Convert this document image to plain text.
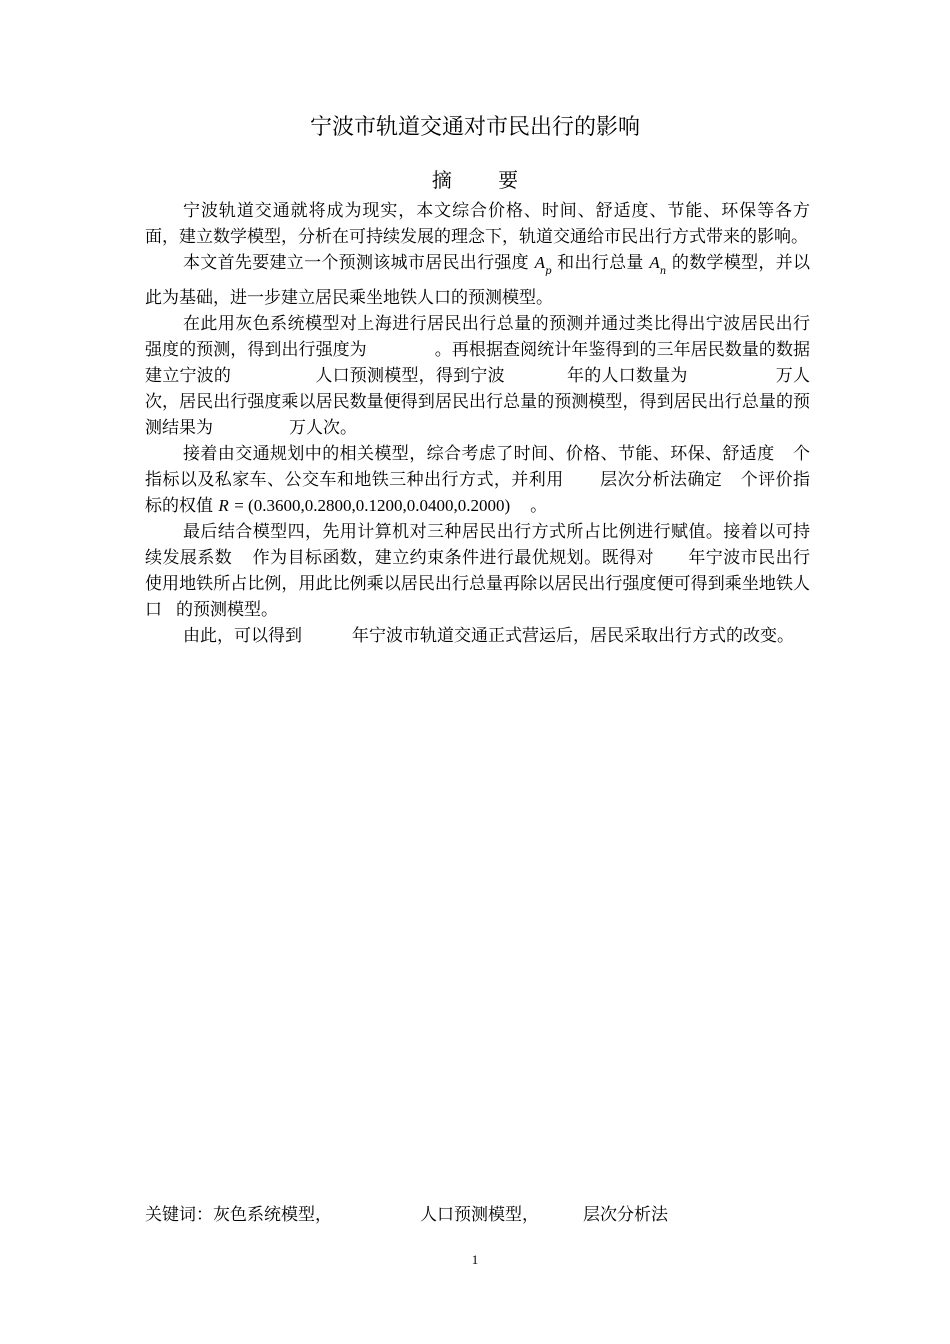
宁波市轨道交通对市民出行的影响
摘 要

宁波轨道交通就将成为现实，本文综合价格、时间、舒适度、节能、环保等各方面，建立数学模型，分析在可持续发展的理念下，轨道交通给市民出行方式带来的影响。

本文首先要建立一个预测该城市居民出行强度 $A_p$ 和出行总量 $A_n$ 的数学模型，并以此为基础，进一步建立居民乘坐地铁人口的预测模型。

在此用灰色系统模型对上海进行居民出行总量的预测并通过类比得出宁波居民出行强度的预测，得到出行强度为	。再根据查阅统计年鉴得到的三年居民数量的数据建立宁波的	人口预测模型，得到宁波	年的人口数量为	万人次，居民出行强度乘以居民数量便得到居民出行总量的预测模型，得到居民出行总量的预测结果为	万人次。

接着由交通规划中的相关模型，综合考虑了时间、价格、节能、环保、舒适度 个指标以及私家车、公交车和地铁三种出行方式，并利用 层次分析法确定 个评价指标的权值 R = (0.3600,0.2800,0.1200,0.0400,0.2000) 。

最后结合模型四，先用计算机对三种居民出行方式所占比例进行赋值。接着以可持续发展系数 作为目标函数，建立约束条件进行最优规划。既得对 年宁波市民出行使用地铁所占比例，用此比例乘以居民出行总量再除以居民出行强度便可得到乘坐地铁人口 的预测模型。

由此，可以得到	年宁波市轨道交通正式营运后，居民采取出行方式的改变。

关键词：灰色系统模型，	人口预测模型，	层次分析法
1
